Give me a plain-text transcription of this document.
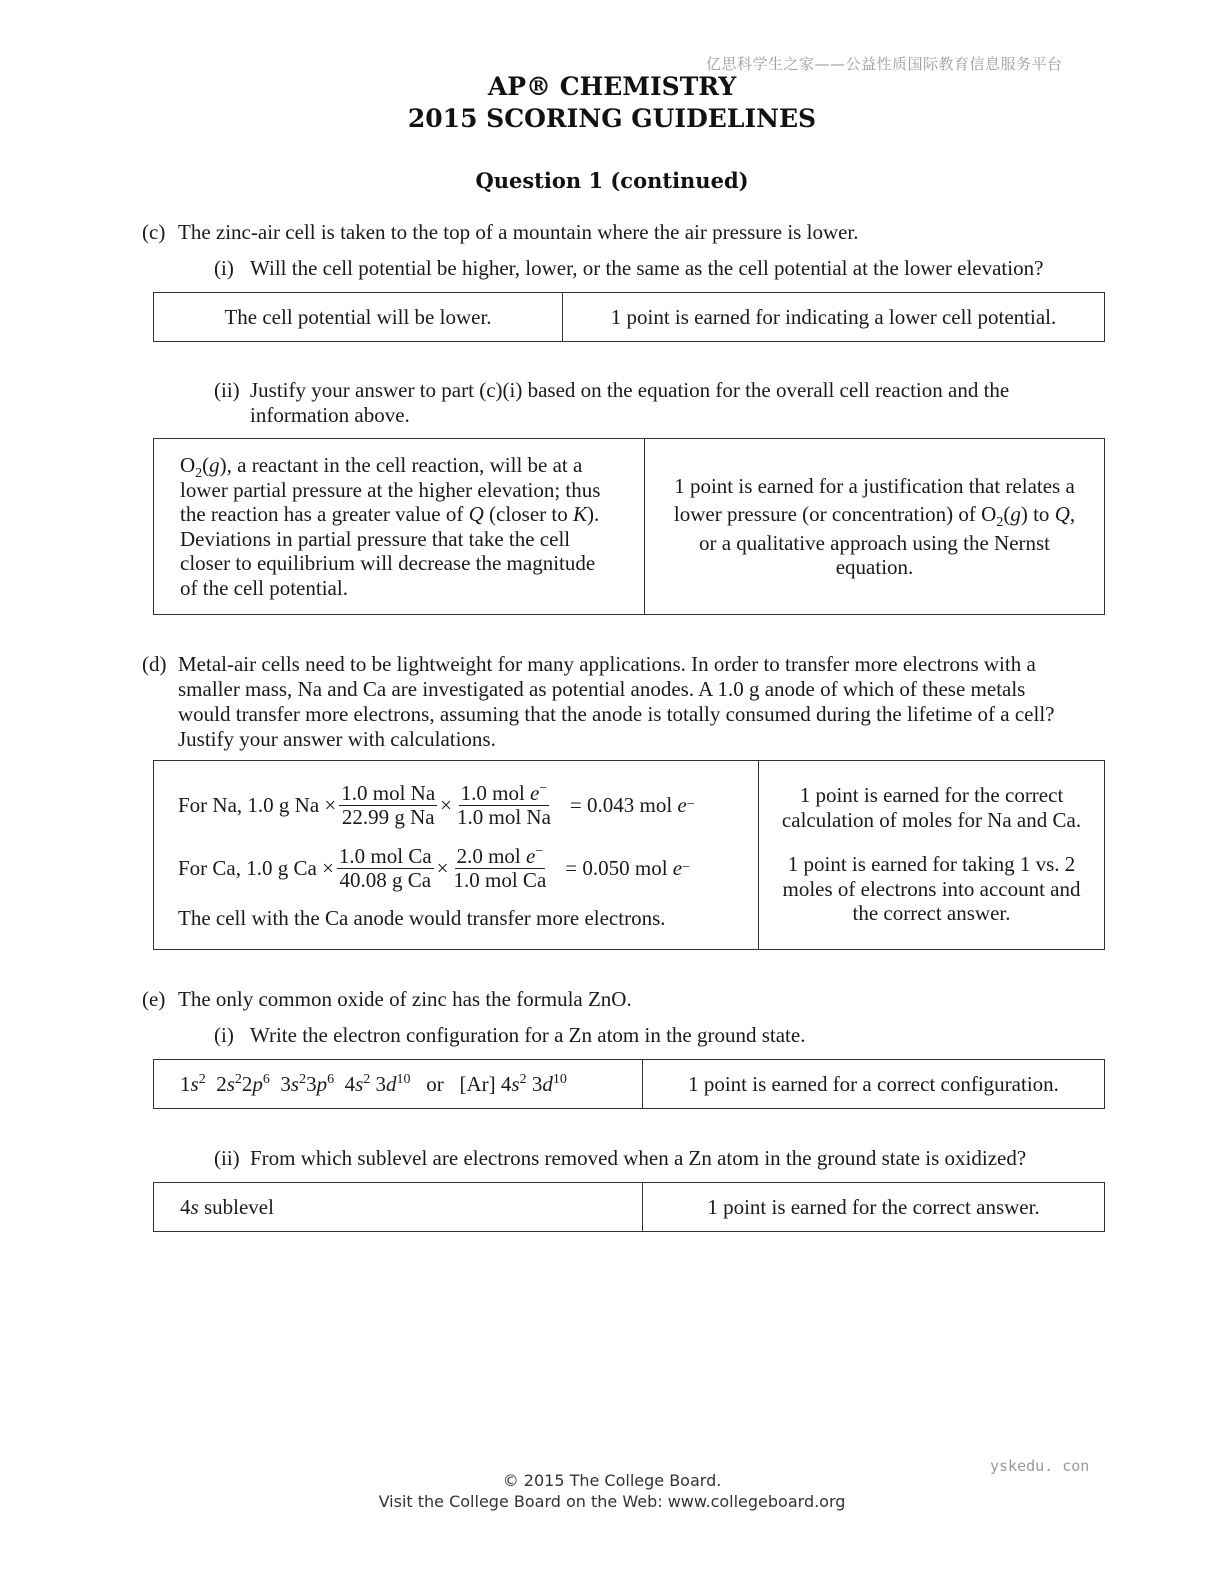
亿思科学生之家——公益性质国际教育信息服务平台
AP® CHEMISTRY
2015 SCORING GUIDELINES
Question 1 (continued)
(c) The zinc-air cell is taken to the top of a mountain where the air pressure is lower.
(i) Will the cell potential be higher, lower, or the same as the cell potential at the lower elevation?
The cell potential will be lower.	1 point is earned for indicating a lower cell potential.
(ii) Justify your answer to part (c)(i) based on the equation for the overall cell reaction and the
information above.
$O_2(g)$, a reactant in the cell reaction, will be at a
lower partial pressure at the higher elevation; thus
the reaction has a greater value of Q (closer to K).
Deviations in partial pressure that take the cell
closer to equilibrium will decrease the magnitude
of the cell potential.

1 point is earned for a justification that relates a
lower pressure (or concentration) of $O_2(g)$ to Q,
or a qualitative approach using the Nernst
equation.
(d) Metal-air cells need to be lightweight for many applications. In order to transfer more electrons with a
smaller mass, Na and Ca are investigated as potential anodes. A 1.0 g anode of which of these metals
would transfer more electrons, assuming that the anode is totally consumed during the lifetime of a cell?
Justify your answer with calculations.
For Na, 1.0 g $Na \times \frac{\text{1.0 mol Na}}{\text{22.99 g Na}} \times \frac{1.0 mol e^-}{\text{1.0 mol Na}} = 0.043$ mol
e −
For Ca, 1.0 g $Ca \times \frac{\text{1.0 mol Ca}}{\text{40.08 g Ca}} \times \frac{2.0 mol e^-}{\text{1.0 mol Ca}} = 0.050$ mol
e −
The cell with the Ca anode would transfer more electrons.

1 point is earned for the correct
calculation of moles for Na and Ca.
1 point is earned for taking 1 vs. 2
moles of electrons into account and
the correct answer.
(e) The only common oxide of zinc has the formula ZnO.
(i) Write the electron configuration for a Zn atom in the ground state.
$1s^2$  $2s^22p^6$  $3s^23p^6$  $4s^2$ $3d^{10}$ or [Ar] $4s^2$ $3d^{10}$	1 point is earned for a correct configuration.
(ii) From which sublevel are electrons removed when a Zn atom in the ground state is oxidized?
4s sublevel	1 point is earned for the correct answer.
yskedu. con
© 2015 The College Board.
Visit the College Board on the Web: www.collegeboard.org
